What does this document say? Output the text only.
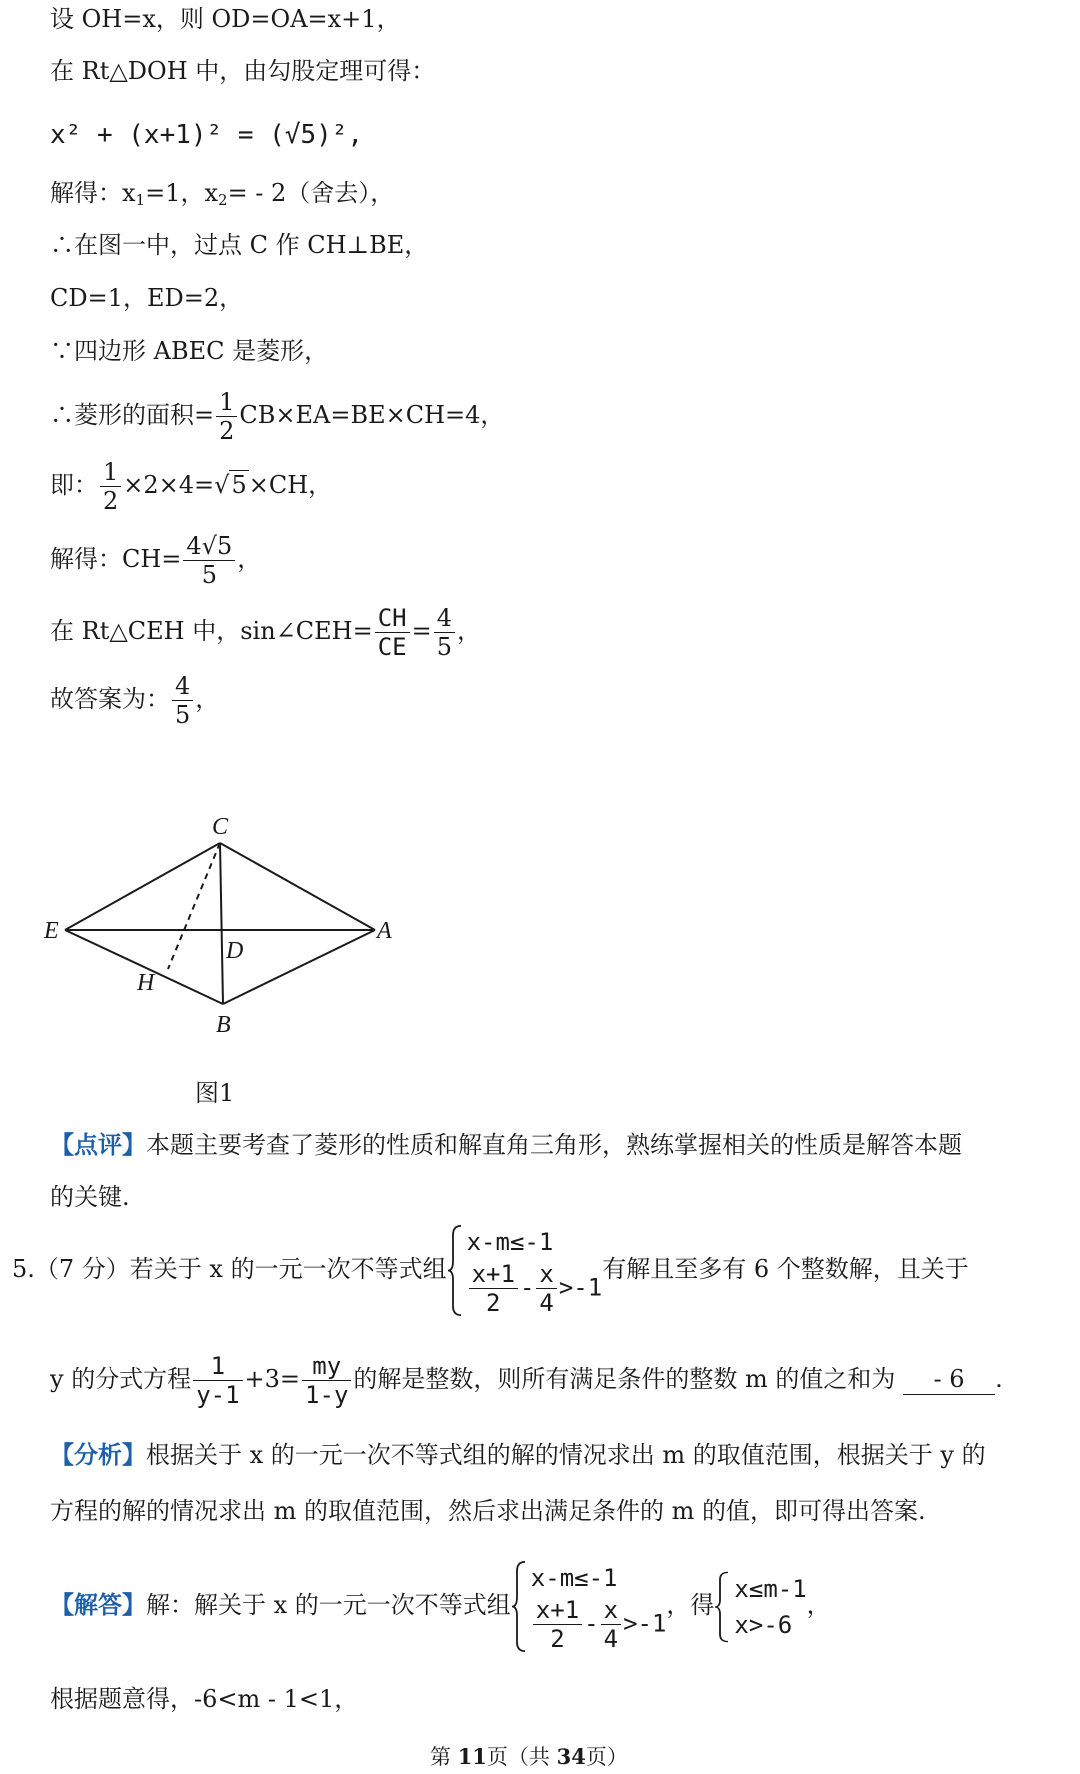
设 OH=x，则 OD=OA=x+1，
在 Rt△DOH 中，由勾股定理可得：
x² + (x+1)² = (√5)²,
解得：$x_1=1$，$x_2= - 2$（舍去），
∴在图一中，过点 C 作 CH⊥BE，
CD=1，ED=2，
∵四边形 ABEC 是菱形，
∴菱形的面积= $\frac{1}{2} CB\times EA=BE\times CH=4$，
即： $\frac{1}{2} \times 2\times 4=√5\times CH$，
解得：$CH= \frac{4√5}{5}$ ，
在 Rt△CEH 中，sin∠CEH= $\frac{CH}{CE} = \frac{4}{5}$ ，
故答案为： $\frac{4}{5}$ ，
C
E	A
D
H
B
图1
【点评】本题主要考查了菱形的性质和解直角三角形，熟练掌握相关的性质是解答本题
的关键.
5.（7 分）若关于 x 的一元一次不等式组
x-m≤-1
$\frac{x+1}{2} - \frac{x}{4} >-1$
有解且至多有 6 个整数解，且关于
y 的分式方程 $\frac{1}{y-1} +3= \frac{my}{1-y}$ 的解是整数，则所有满足条件的整数 m 的值之和为 - 6 .
【分析】根据关于 x 的一元一次不等式组的解的情况求出 m 的取值范围，根据关于 y 的
方程的解的情况求出 m 的取值范围，然后求出满足条件的 m 的值，即可得出答案.
【解答】解：解关于 x 的一元一次不等式组
x-m≤-1
$\frac{x+1}{2} - \frac{x}{4} >-1$
，得
x≤m-1
x>-6
，
根据题意得，-6<m - 1<1，
第 11页（共 34页）
